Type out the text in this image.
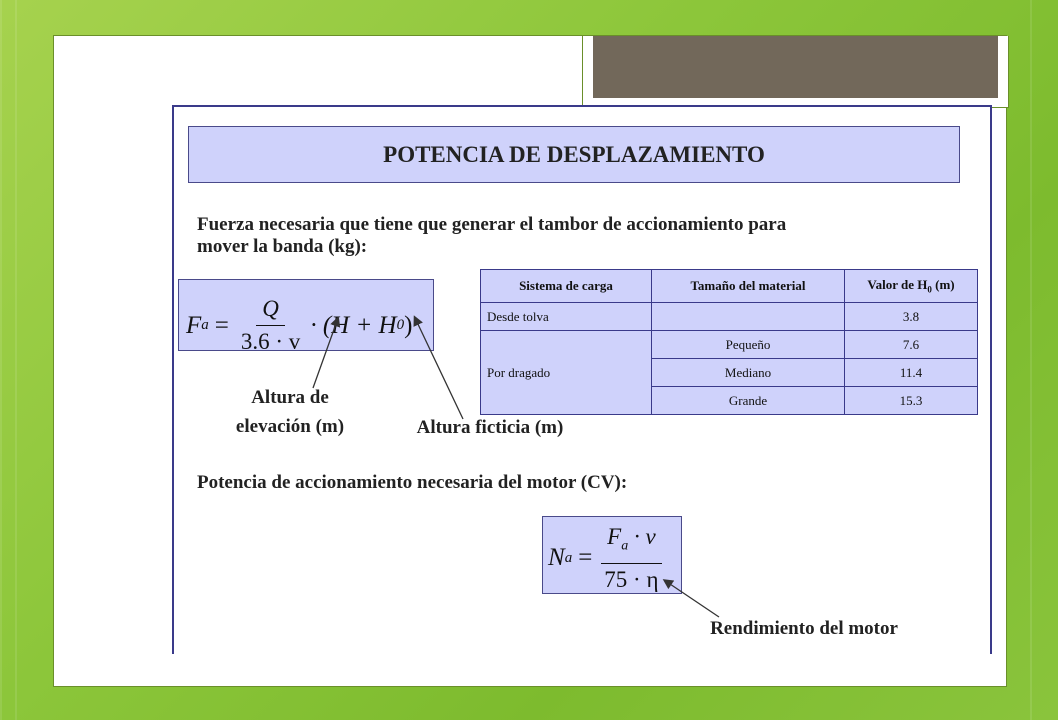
POTENCIA DE DESPLAZAMIENTO
Fuerza necesaria que tiene que generar el tambor de accionamiento para
mover la banda (kg):
F $a = \frac{Q}{3.6 \cdot v} \cdot (H + H$ 0 )
Sistema de carga	Tamaño del material	Valor de $H_0$ (m)
Desde tolva		3.8
Por dragado	Pequeño	7.6
	Mediano	11.4
	Grande	15.3
Altura de
elevación (m)	Altura ficticia (m)
Potencia de accionamiento necesaria del motor (CV):
N $a = \frac{F_a \cdot v}{75 \cdot \eta}$
Rendimiento del motor
